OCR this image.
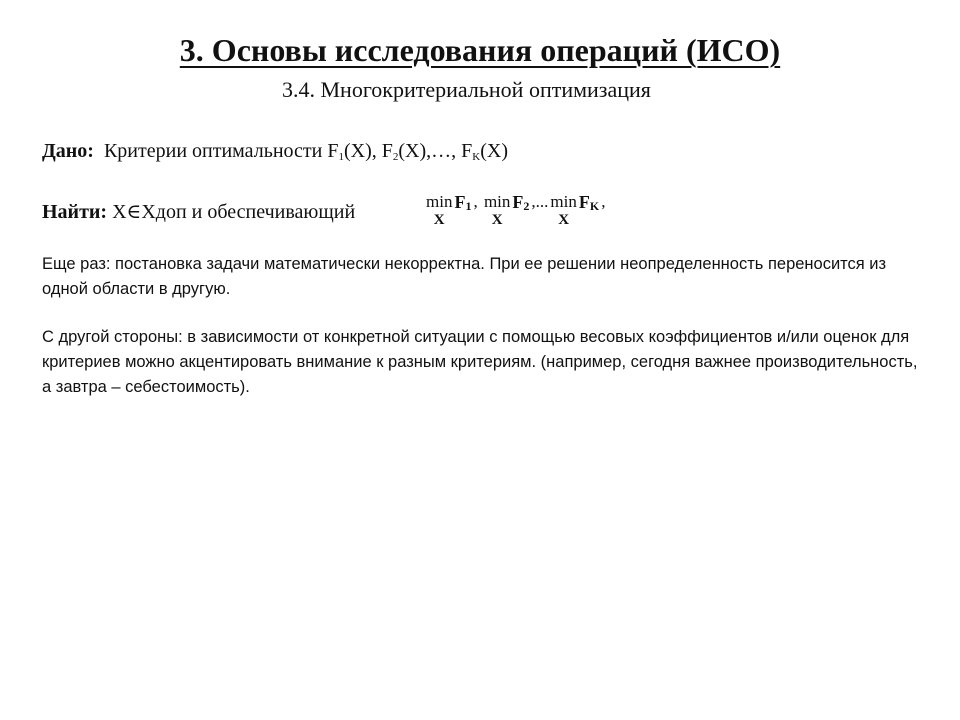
3. Основы исследования операций (ИСО)

3.4. Многокритериальной оптимизация

Дано: Критерии оптимальности $F_1(X)$, $F_2(X),\dots$, $F_K(X)$
Найти: X∈Xдоп и обеспечивающий	min
X
$F_1$ , min
X
$F_2$ ,... min
X
$F_K$ ,

Еще раз: постановка задачи математически некорректна. При ее решении неопределенность переносится из одной области в другую.

С другой стороны: в зависимости от конкретной ситуации с помощью весовых коэффициентов и/или оценок для критериев можно акцентировать внимание к разным критериям. (например, сегодня важнее производительность, а завтра – себестоимость).
